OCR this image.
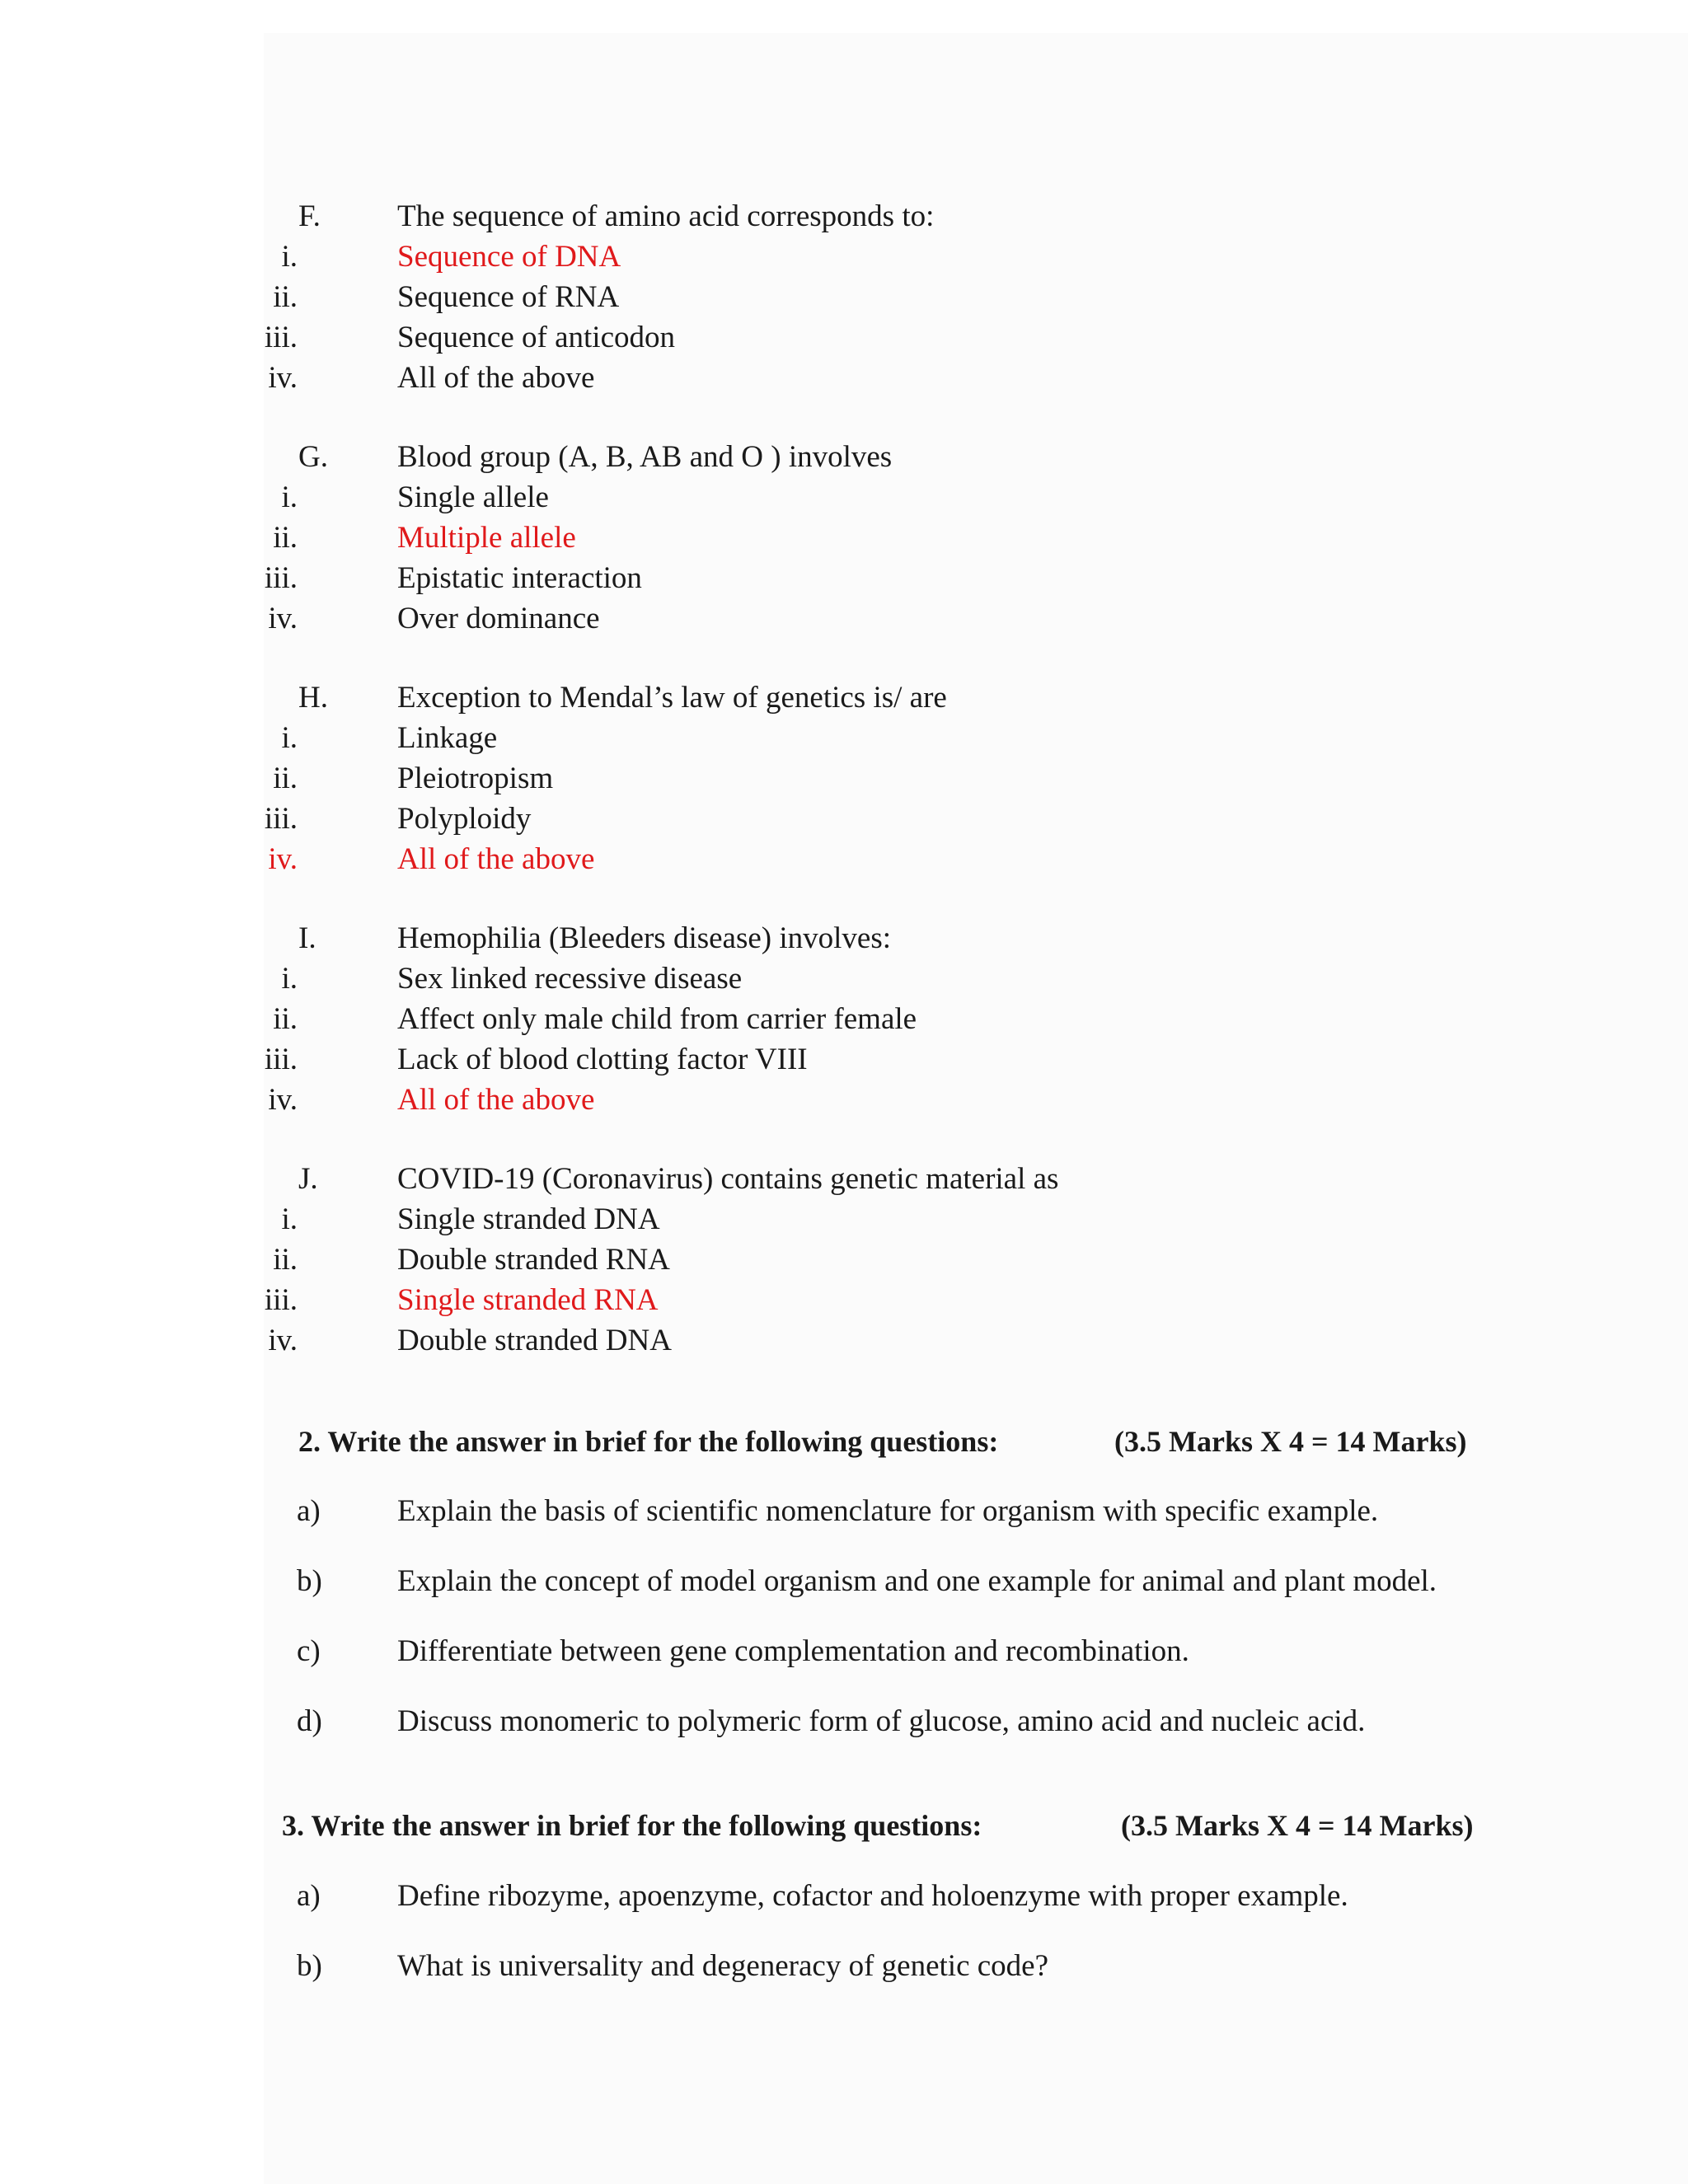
F.	The sequence of amino acid corresponds to:
i.	Sequence of DNA
ii.	Sequence of RNA
iii.	Sequence of anticodon
iv.	All of the above
G. Blood group (A, B, AB and O ) involves
i.	Single allele
ii.	Multiple allele
iii.	Epistatic interaction
iv.	Over dominance
H. Exception to Mendal’s law of genetics is/ are
i.	Linkage
ii.	Pleiotropism
iii.	Polyploidy
iv.	All of the above
I.	Hemophilia (Bleeders disease) involves:
i.	Sex linked recessive disease
ii.	Affect only male child from carrier female
iii.	Lack of blood clotting factor VIII
iv.	All of the above
J.	COVID-19 (Coronavirus) contains genetic material as
i.	Single stranded DNA
ii.	Double stranded RNA
iii.	Single stranded RNA
iv.	Double stranded DNA
2. Write the answer in brief for the following questions:	(3.5 Marks X 4 = 14 Marks)
a)	Explain the basis of scientific nomenclature for organism with specific example.
b) Explain the concept of model organism and one example for animal and plant model.
c)	Differentiate between gene complementation and recombination.
d) Discuss monomeric to polymeric form of glucose, amino acid and nucleic acid.
3. Write the answer in brief for the following questions:	(3.5 Marks X 4 = 14 Marks)
a)	Define ribozyme, apoenzyme, cofactor and holoenzyme with proper example.
b) What is universality and degeneracy of genetic code?
